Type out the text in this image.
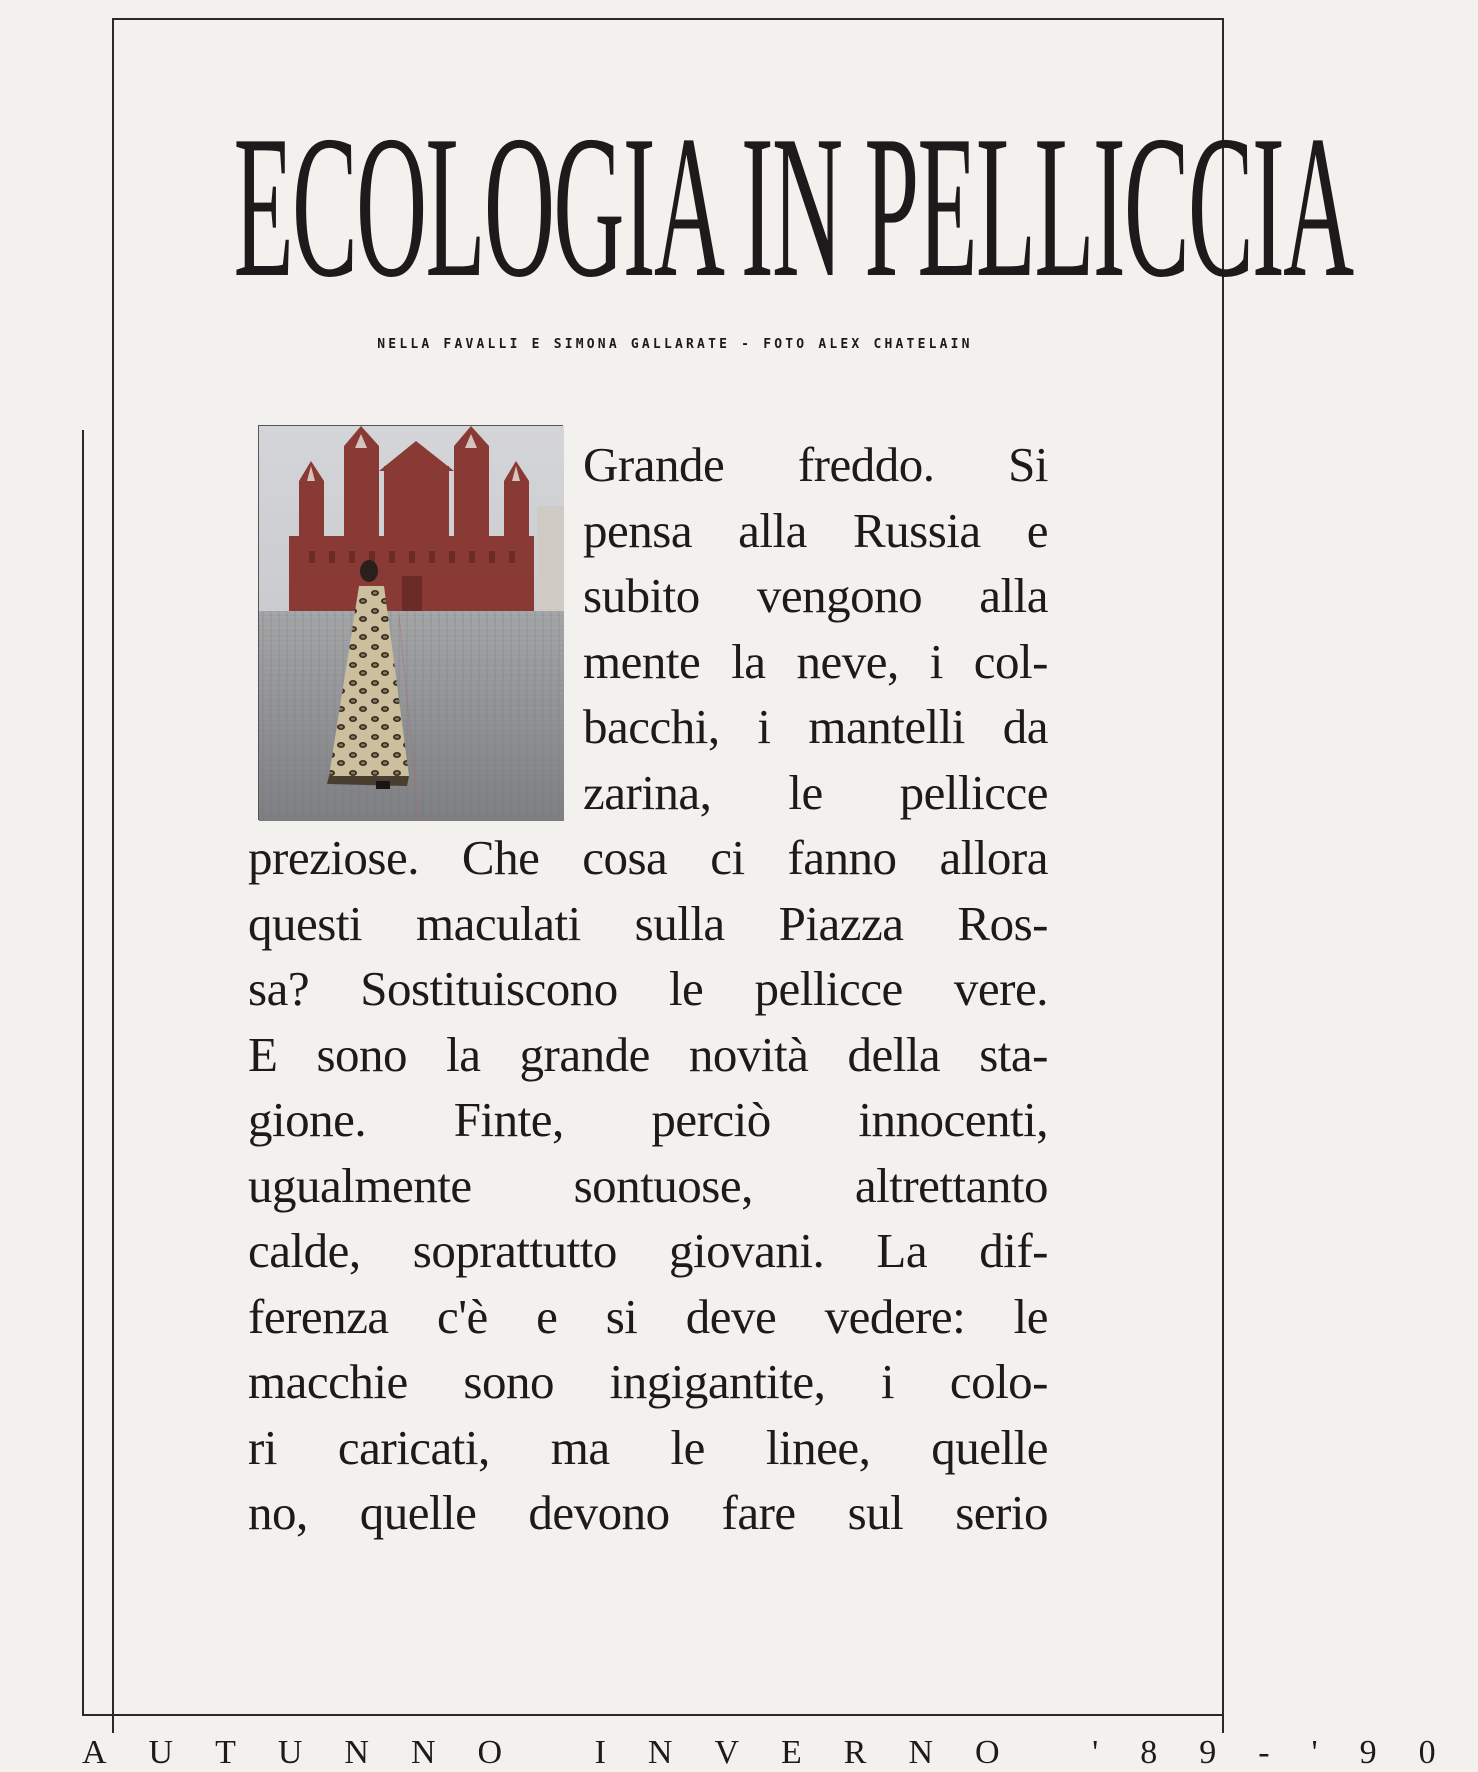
ECOLOGIA IN PELLICCIA
NELLA FAVALLI E SIMONA GALLARATE - FOTO ALEX CHATELAIN
Grande freddo. Si
pensa alla Russia e
subito vengono alla
mente la neve, i col-
bacchi, i mantelli da
zarina, le pellicce
preziose. Che cosa ci fanno allora
questi maculati sulla Piazza Ros-
sa? Sostituiscono le pellicce vere.
E sono la grande novità della sta-
gione. Finte, perciò innocenti,
ugualmente sontuose, altrettanto
calde, soprattutto giovani. La dif-
ferenza c'è e si deve vedere: le
macchie sono ingigantite, i colo-
ri caricati, ma le linee, quelle
no, quelle devono fare sul serio
AUTUNNO INVERNO '89-'90
